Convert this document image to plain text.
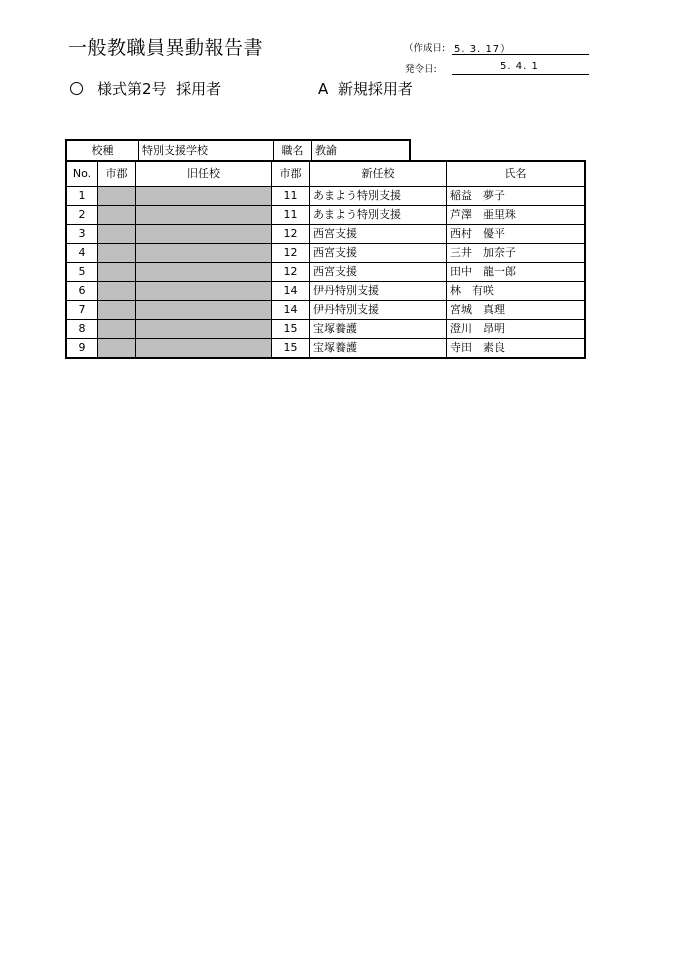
一般教職員異動報告書	（作成日: 5. 3. 17）
発令日:	5. 4. 1
様式第2号 採用者	A 新規採用者
校種	特別支援学校	職名	教諭
No.	市郡	旧任校	市郡	新任校	氏名
1			11	あまよう特別支援	稲益　夢子
2			11	あまよう特別支援	芦澤　亜里珠
3			12	西宮支援	西村　優平
4			12	西宮支援	三井　加奈子
5			12	西宮支援	田中　龍一郎
6			14	伊丹特別支援	林　有咲
7			14	伊丹特別支援	宮城　真理
8			15	宝塚養護	澄川　昂明
9			15	宝塚養護	寺田　素良
